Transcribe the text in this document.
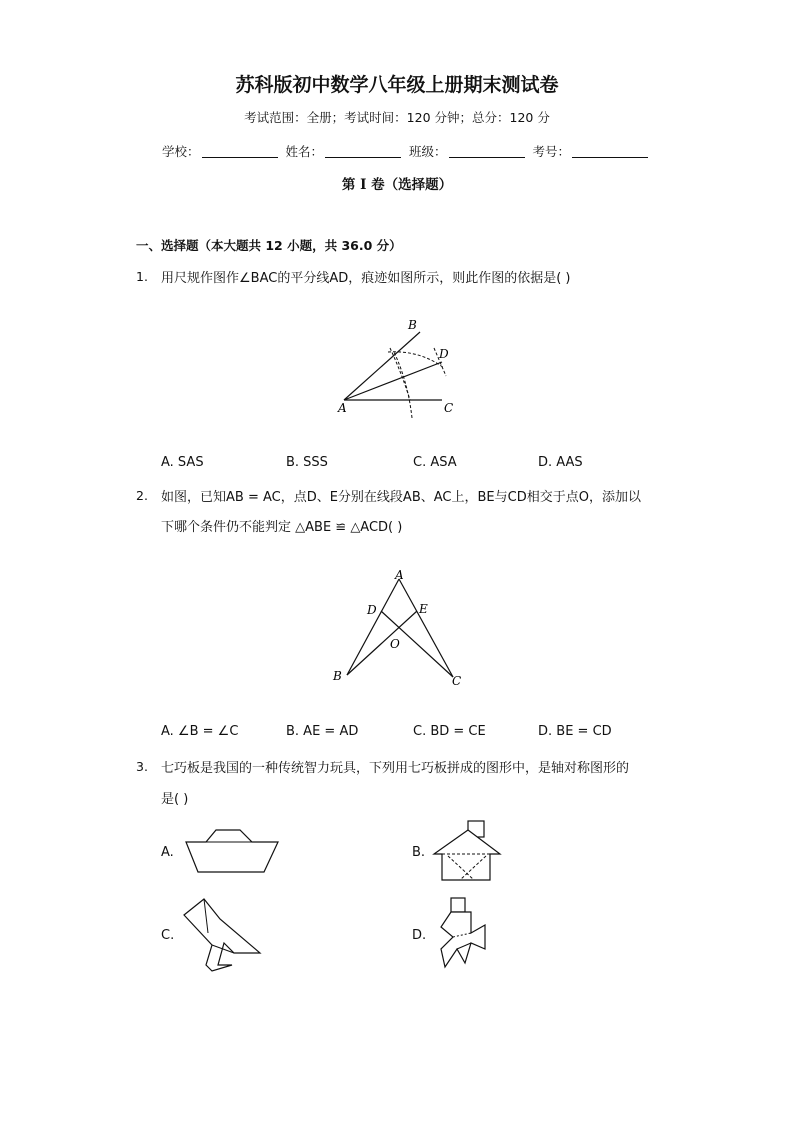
苏科版初中数学八年级上册期末测试卷
考试范围：全册；考试时间：120 分钟；总分：120 分
学校：	姓名：	班级：	考号：
第 I 卷（选择题）
一、选择题（本大题共 12 小题，共 36.0 分）
1. 用尺规作图作∠BAC的平分线AD，痕迹如图所示，则此作图的依据是( )
B
D
A	C
A. SAS	B. SSS	C. ASA	D. AAS
2. 如图，已知AB = AC，点D、E分别在线段AB、AC上，BE与CD相交于点O，添加以
下哪个条件仍不能判定 △ABE ≌ △ACD( )
A
D	E
O
B	C
A. ∠B = ∠C	B. AE = AD	C. BD = CE	D. BE = CD
3. 七巧板是我国的一种传统智力玩具，下列用七巧板拼成的图形中，是轴对称图形的
是( )
A.	B.
C.	D.
